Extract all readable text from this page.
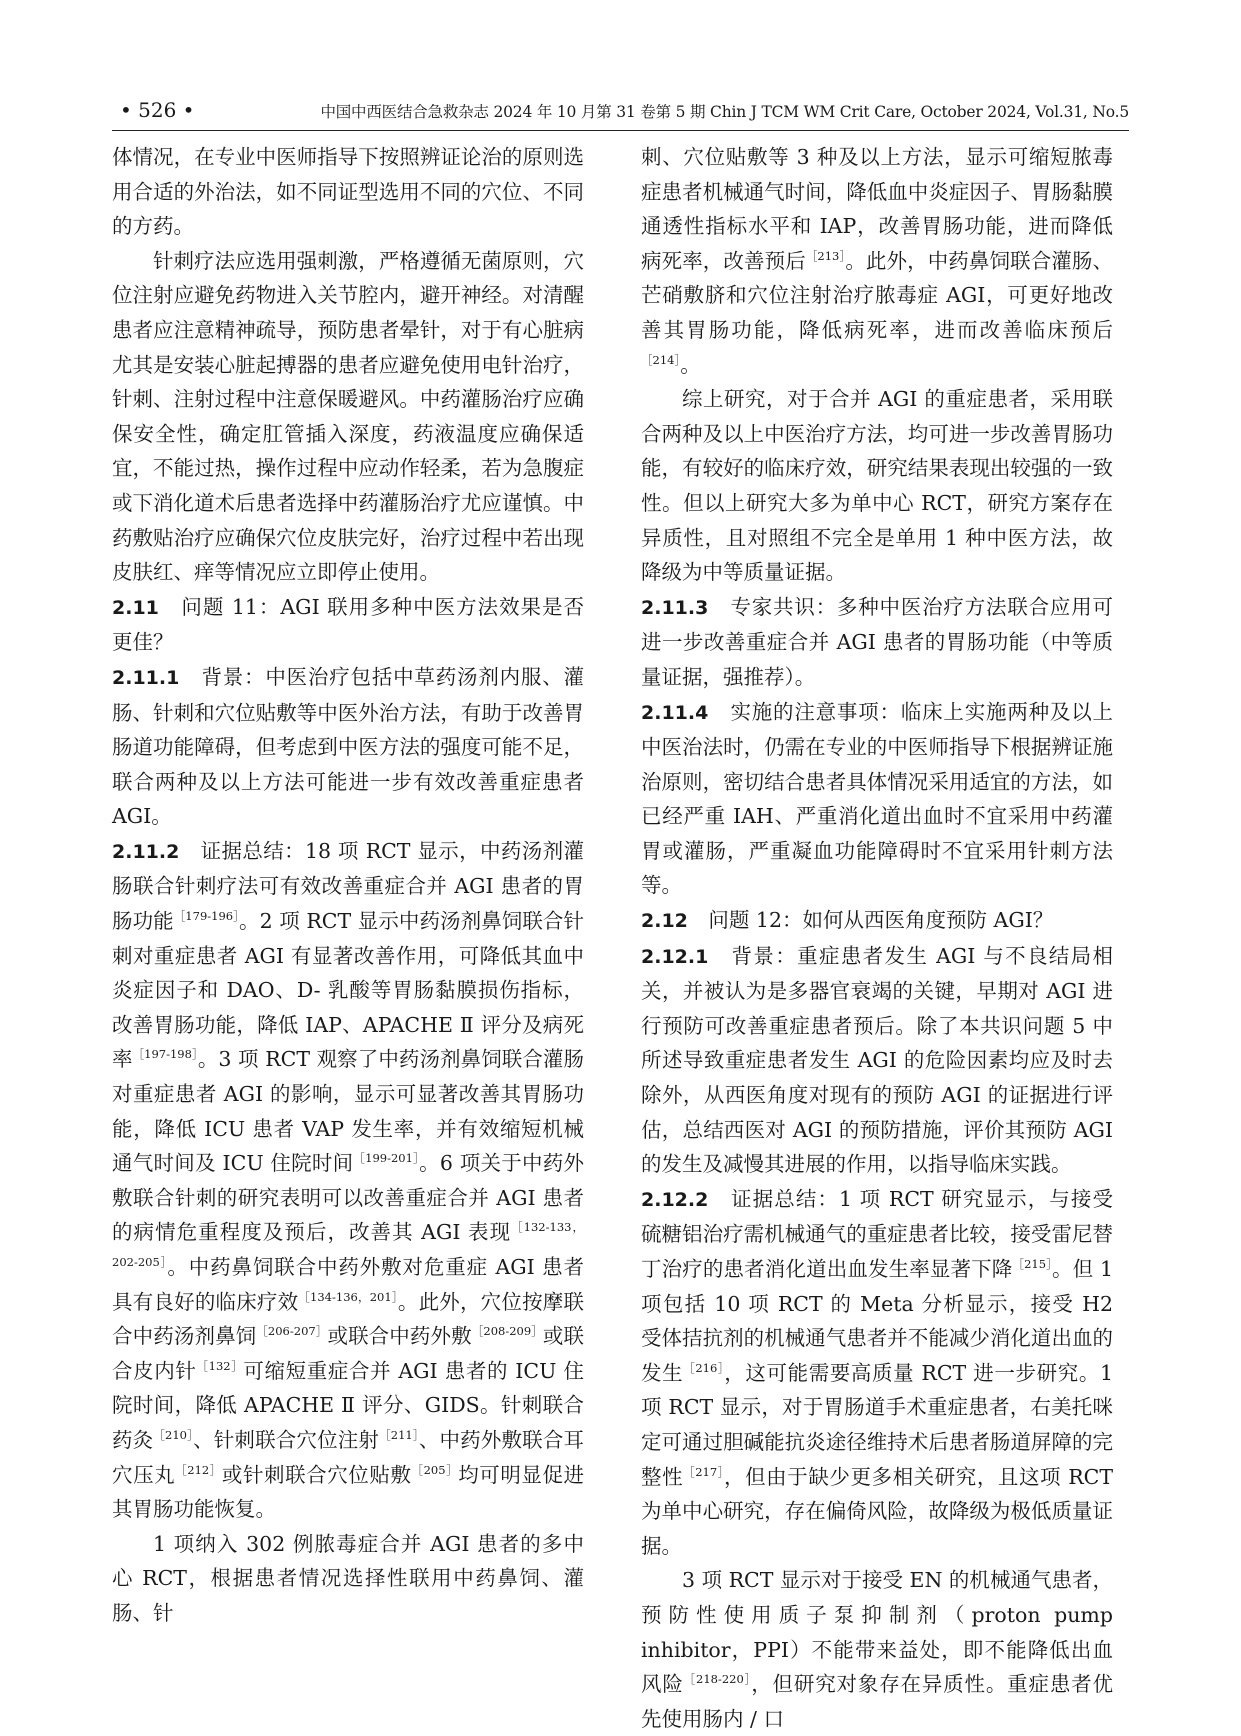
• 526 •	中国中西医结合急救杂志 2024 年 10 月第 31 卷第 5 期 Chin J TCM WM Crit Care, October 2024, Vol.31, No.5

体情况，在专业中医师指导下按照辨证论治的原则选用合适的外治法，如不同证型选用不同的穴位、不同的方药。

针刺疗法应选用强刺激，严格遵循无菌原则，穴位注射应避免药物进入关节腔内，避开神经。对清醒患者应注意精神疏导，预防患者晕针，对于有心脏病尤其是安装心脏起搏器的患者应避免使用电针治疗，针刺、注射过程中注意保暖避风。中药灌肠治疗应确保安全性，确定肛管插入深度，药液温度应确保适宜，不能过热，操作过程中应动作轻柔，若为急腹症或下消化道术后患者选择中药灌肠治疗尤应谨慎。中药敷贴治疗应确保穴位皮肤完好，治疗过程中若出现皮肤红、痒等情况应立即停止使用。

2.11　 问题 11：AGI 联用多种中医方法效果是否更佳？

2.11.1　 背景：中医治疗包括中草药汤剂内服、灌肠、针刺和穴位贴敷等中医外治方法，有助于改善胃肠道功能障碍，但考虑到中医方法的强度可能不足，联合两种及以上方法可能进一步有效改善重症患者 AGI。

2.11.2　 证据总结：18 项 RCT 显示，中药汤剂灌肠联合针刺疗法可有效改善重症合并 AGI 患者的胃肠功能$^{[179-196]}$。2 项 RCT 显示中药汤剂鼻饲联合针刺对重症患者 AGI 有显著改善作用，可降低其血中炎症因子和 DAO、D- 乳酸等胃肠黏膜损伤指标，改善胃肠功能，降低 IAP、APACHE Ⅱ 评分及病死率$^{[197-198]}$。3 项 RCT 观察了中药汤剂鼻饲联合灌肠对重症患者 AGI 的影响，显示可显著改善其胃肠功能，降低 ICU 患者 VAP 发生率，并有效缩短机械通气时间及 ICU 住院时间$^{[199-201]}$。6 项关于中药外敷联合针刺的研究表明可以改善重症合并 AGI 患者的病情危重程度及预后，改善其 AGI 表现$^{[132-133,202-205]}$。中药鼻饲联合中药外敷对危重症 AGI 患者具有良好的临床疗效$^{[134-136,201]}$。此外，穴位按摩联合中药汤剂鼻饲$^{[206-207]}$或联合中药外敷$^{[208-209]}$或联合皮内针$^{[132]}$可缩短重症合并 AGI 患者的 ICU 住院时间，降低 APACHE Ⅱ 评分、GIDS。针刺联合药灸$^{[210]}$、针刺联合穴位注射$^{[211]}$、中药外敷联合耳穴压丸$^{[212]}$或针刺联合穴位贴敷$^{[205]}$均可明显促进其胃肠功能恢复。

1 项纳入 302 例脓毒症合并 AGI 患者的多中心 RCT，根据患者情况选择性联用中药鼻饲、灌肠、针

刺、穴位贴敷等 3 种及以上方法，显示可缩短脓毒症患者机械通气时间，降低血中炎症因子、胃肠黏膜通透性指标水平和 IAP，改善胃肠功能，进而降低病死率，改善预后$^{[213]}$。此外，中药鼻饲联合灌肠、芒硝敷脐和穴位注射治疗脓毒症 AGI，可更好地改善其胃肠功能，降低病死率，进而改善临床预后$^{[214]}$。

综上研究，对于合并 AGI 的重症患者，采用联合两种及以上中医治疗方法，均可进一步改善胃肠功能，有较好的临床疗效，研究结果表现出较强的一致性。但以上研究大多为单中心 RCT，研究方案存在异质性，且对照组不完全是单用 1 种中医方法，故降级为中等质量证据。

2.11.3　 专家共识：多种中医治疗方法联合应用可进一步改善重症合并 AGI 患者的胃肠功能（中等质量证据，强推荐）。

2.11.4　 实施的注意事项：临床上实施两种及以上中医治法时，仍需在专业的中医师指导下根据辨证施治原则，密切结合患者具体情况采用适宜的方法，如已经严重 IAH、严重消化道出血时不宜采用中药灌胃或灌肠，严重凝血功能障碍时不宜采用针刺方法等。

2.12　 问题 12：如何从西医角度预防 AGI？

2.12.1　 背景：重症患者发生 AGI 与不良结局相关，并被认为是多器官衰竭的关键，早期对 AGI 进行预防可改善重症患者预后。除了本共识问题 5 中所述导致重症患者发生 AGI 的危险因素均应及时去除外，从西医角度对现有的预防 AGI 的证据进行评估，总结西医对 AGI 的预防措施，评价其预防 AGI 的发生及减慢其进展的作用，以指导临床实践。

2.12.2　 证据总结：1 项 RCT 研究显示，与接受硫糖铝治疗需机械通气的重症患者比较，接受雷尼替丁治疗的患者消化道出血发生率显著下降$^{[215]}$。但 1 项包括 10 项 RCT 的 Meta 分析显示，接受 H2 受体拮抗剂的机械通气患者并不能减少消化道出血的发生$^{[216]}$，这可能需要高质量 RCT 进一步研究。1 项 RCT 显示，对于胃肠道手术重症患者，右美托咪定可通过胆碱能抗炎途径维持术后患者肠道屏障的完整性$^{[217]}$，但由于缺少更多相关研究，且这项 RCT 为单中心研究，存在偏倚风险，故降级为极低质量证据。

3 项 RCT 显示对于接受 EN 的机械通气患者，预防性使用质子泵抑制剂（proton pump inhibitor，PPI）不能带来益处，即不能降低出血风险$^{[218-220]}$，但研究对象存在异质性。重症患者优先使用肠内 / 口
